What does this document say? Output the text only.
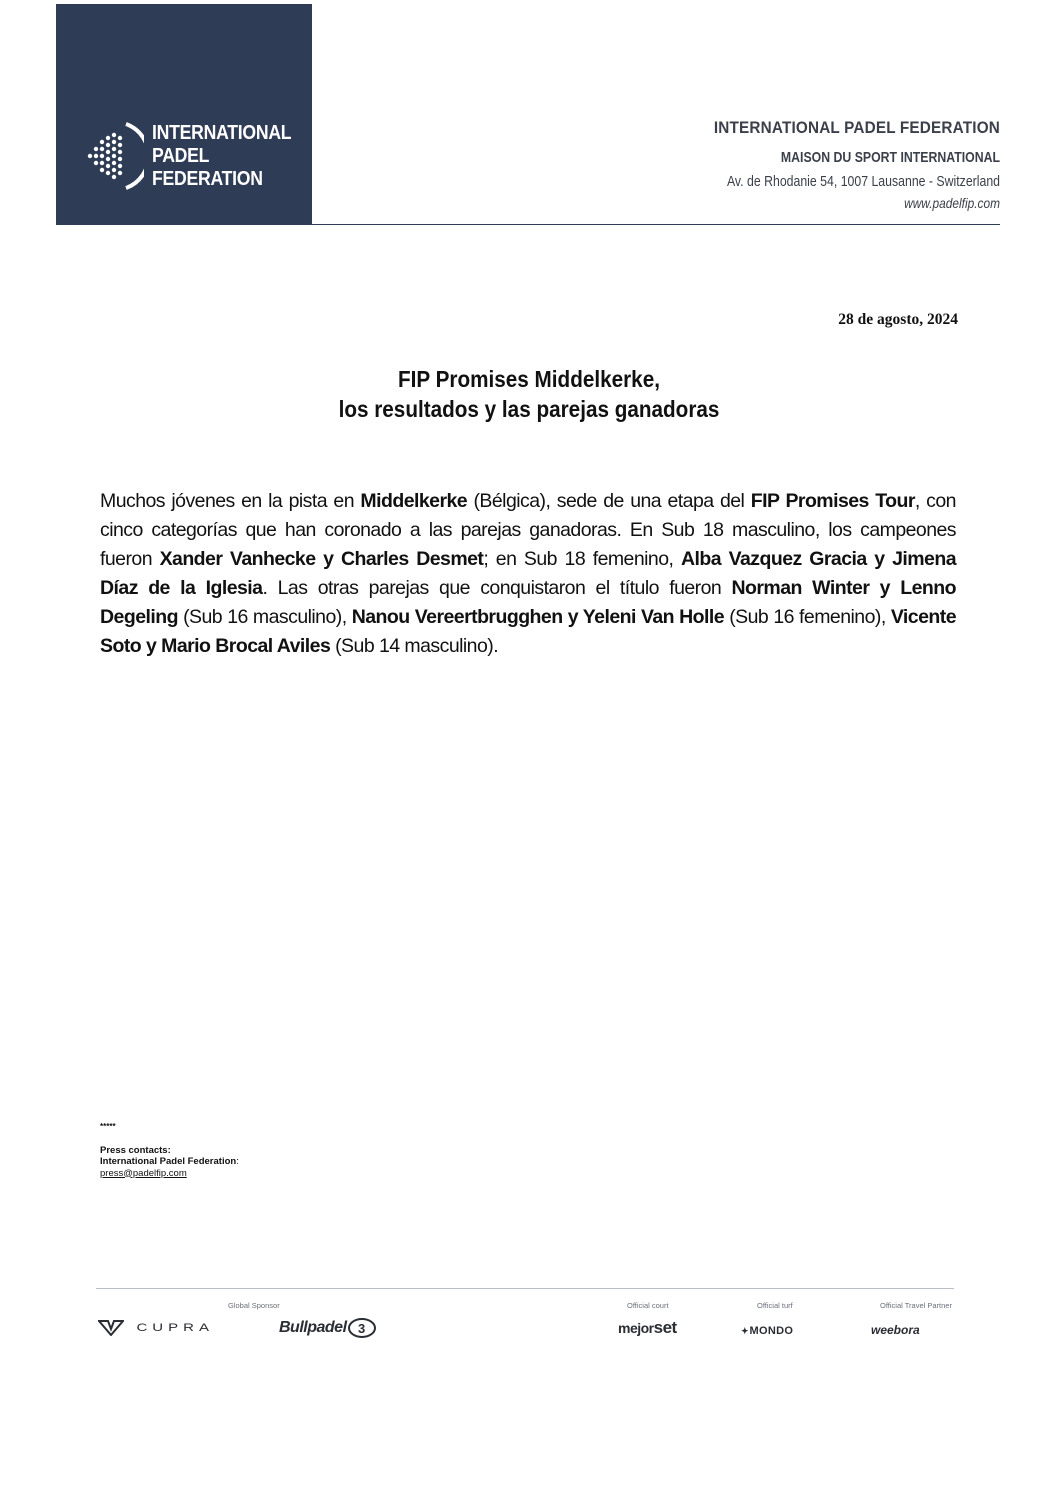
INTERNATIONAL
PADEL
FEDERATION
INTERNATIONAL PADEL FEDERATION
MAISON DU SPORT INTERNATIONAL
Av. de Rhodanie 54, 1007 Lausanne - Switzerland
www.padelfip.com
28 de agosto, 2024
FIP Promises Middelkerke,
los resultados y las parejas ganadoras
Muchos jóvenes en la pista en Middelkerke (Bélgica), sede de una etapa del FIP Promises Tour, con cinco categorías que han coronado a las parejas ganadoras. En Sub 18 masculino, los campeones fueron Xander Vanhecke y Charles Desmet; en Sub 18 femenino, Alba Vazquez Gracia y Jimena Díaz de la Iglesia. Las otras parejas que conquistaron el título fueron Norman Winter y Lenno Degeling (Sub 16 masculino), Nanou Vereertbrugghen y Yeleni Van Holle (Sub 16 femenino), Vicente Soto y Mario Brocal Aviles (Sub 14 masculino).
*****
Press contacts:
International Padel Federation:
press@padelfip.com
Global Sponsor	Official court	Official turf	Official Travel Partner
CUPRA	Bullpadel 3	mejorset	✦MONDO	weebora
